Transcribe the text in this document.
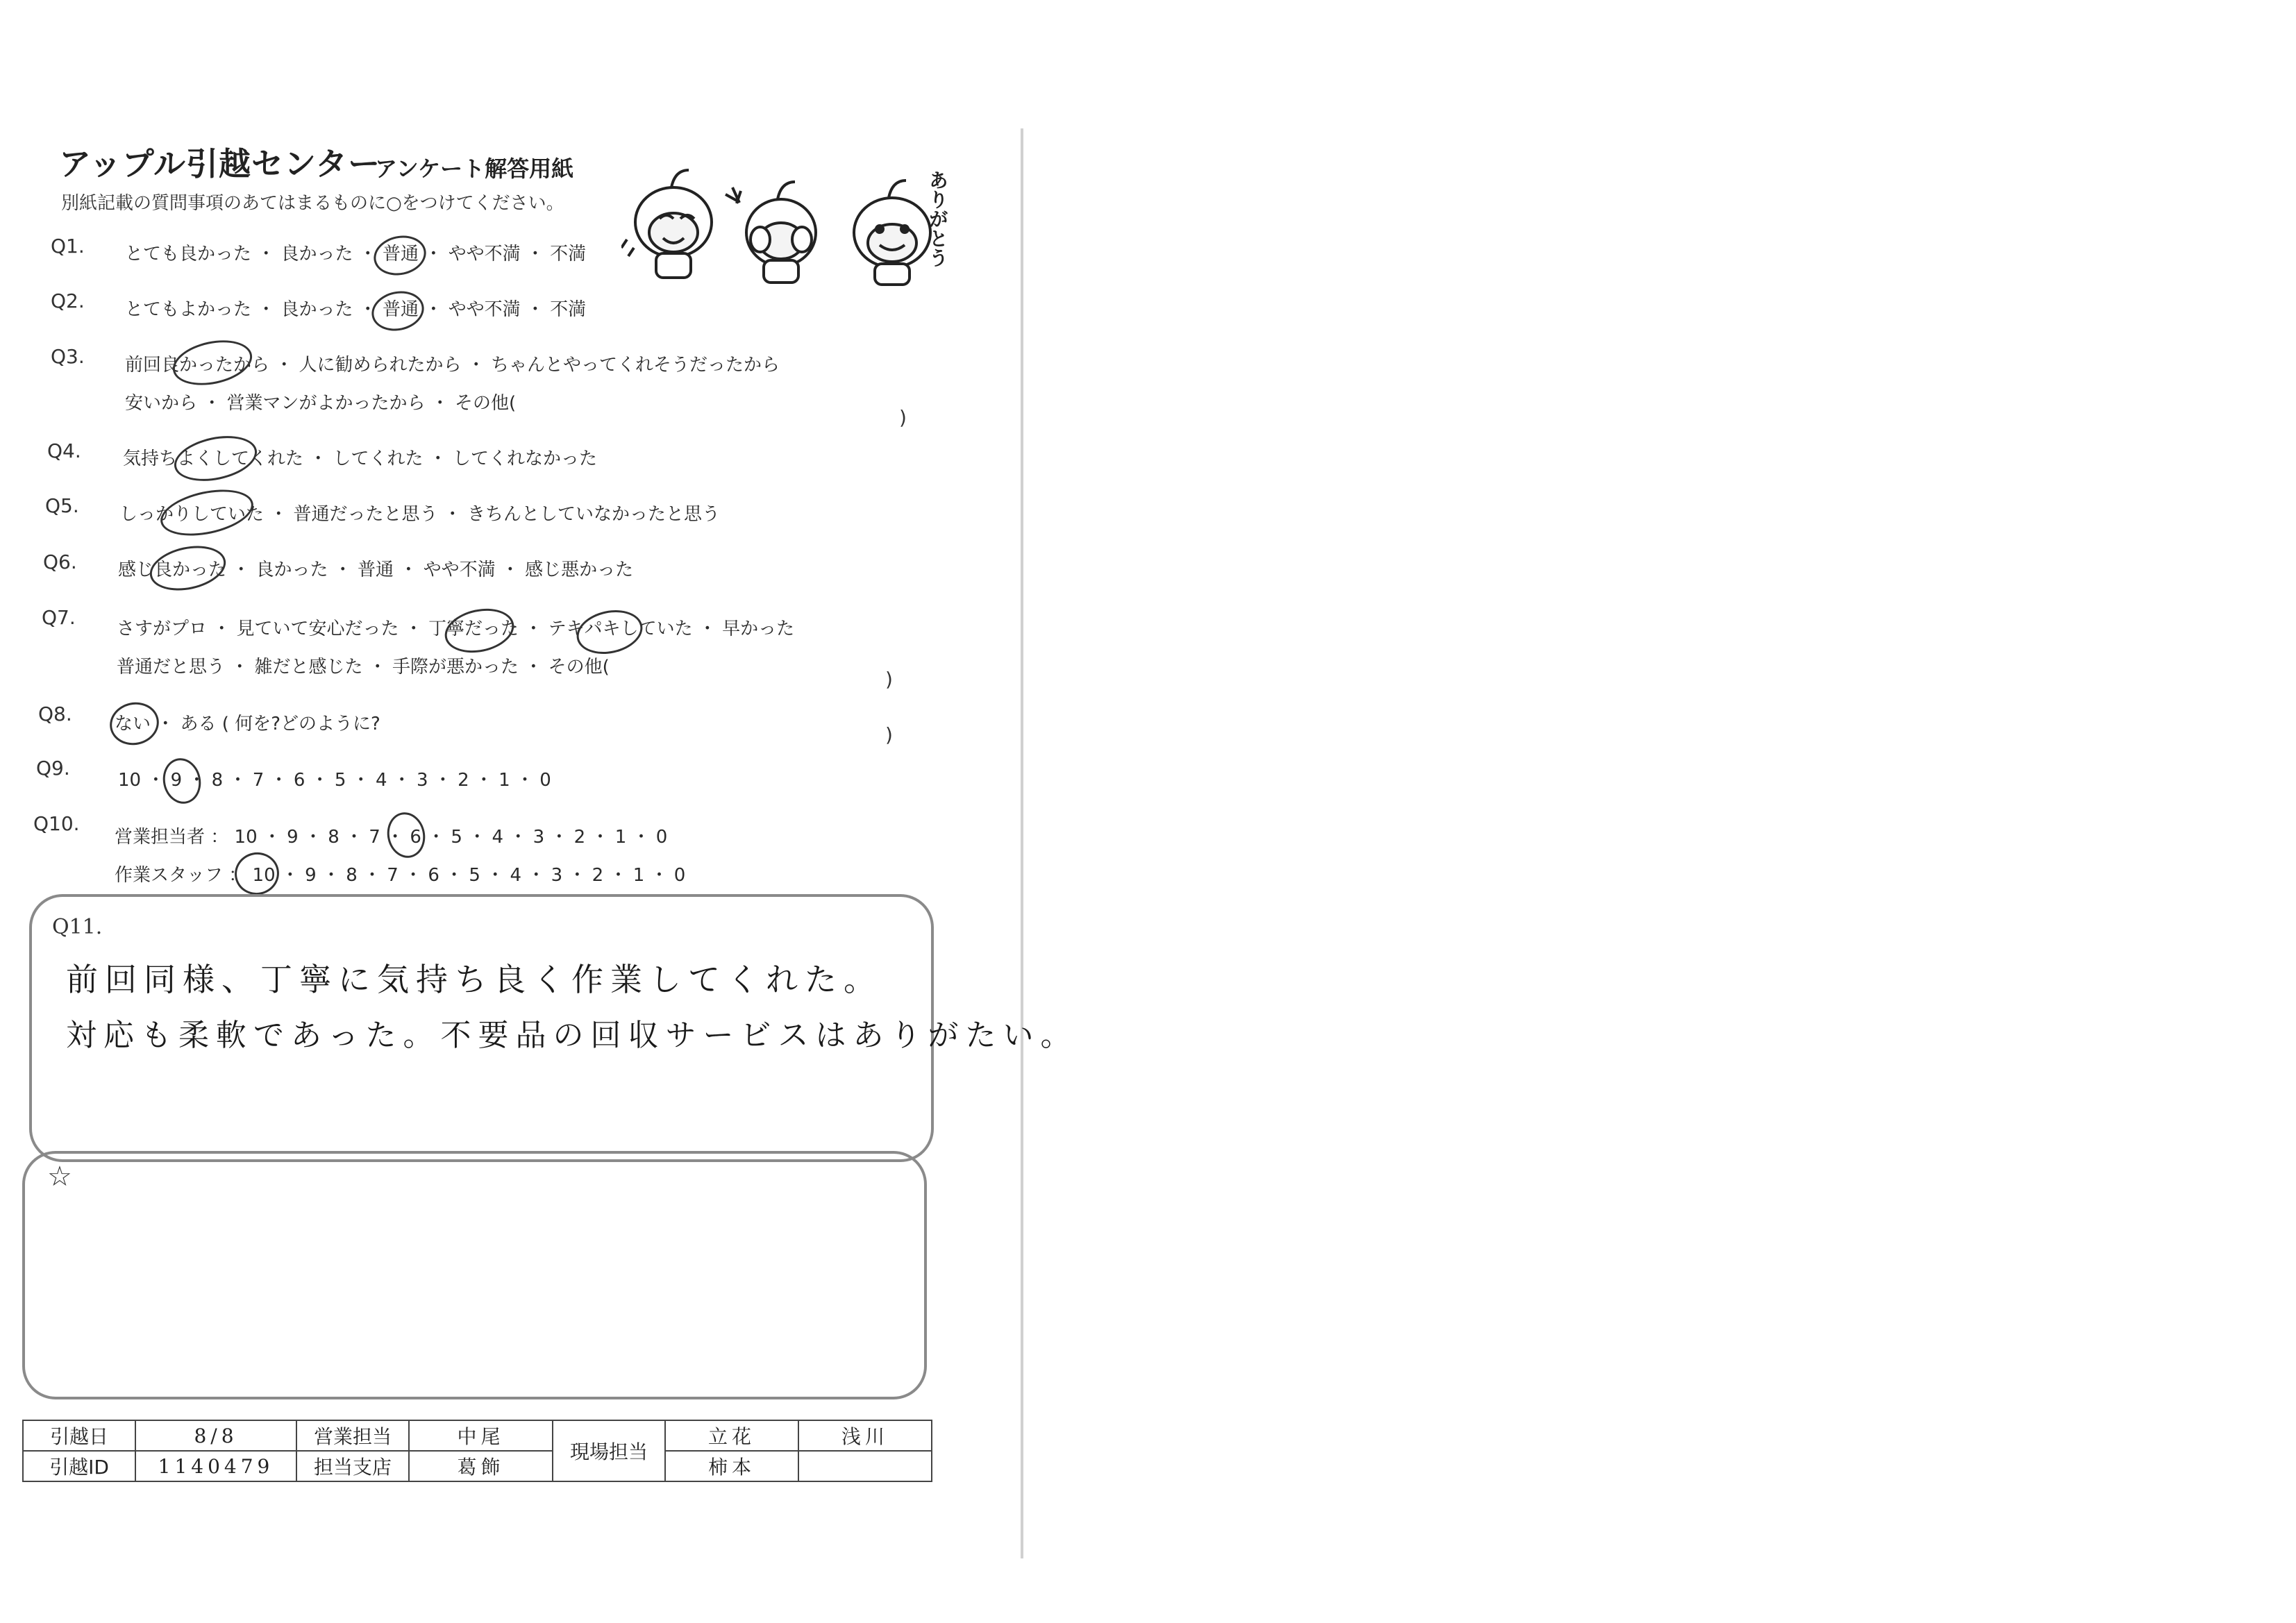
アップル引越センター
アンケート解答用紙
別紙記載の質問事項のあてはまるものに○をつけてください。	ありがとう
Q1. とても良かった ・ 良かった ・ 普通 ・ やや不満 ・ 不満
Q2. とてもよかった ・ 良かった ・ 普通 ・ やや不満 ・ 不満
Q3. 前回良かったから ・ 人に勧められたから ・ ちゃんとやってくれそうだったから
安いから ・ 営業マンがよかったから ・ その他(
)
Q4. 気持ちよくしてくれた ・ してくれた ・ してくれなかった
Q5. しっかりしていた ・ 普通だったと思う ・ きちんとしていなかったと思う
Q6. 感じ良かった ・ 良かった ・ 普通 ・ やや不満 ・ 感じ悪かった
Q7. さすがプロ ・ 見ていて安心だった ・ 丁寧だった ・ テキパキしていた ・ 早かった
普通だと思う ・ 雑だと感じた ・ 手際が悪かった ・ その他(
)
Q8. ない ・ ある ( 何を?どのように?	)
Q9.
10 ・ 9 ・ 8 ・ 7 ・ 6 ・ 5 ・ 4 ・ 3 ・ 2 ・ 1 ・ 0
Q10.
営業担当者 ： 10 ・ 9 ・ 8 ・ 7 ・ 6 ・ 5 ・ 4 ・ 3 ・ 2 ・ 1 ・ 0
作業スタッフ ： 10 ・ 9 ・ 8 ・ 7 ・ 6 ・ 5 ・ 4 ・ 3 ・ 2 ・ 1 ・ 0
Q11.
前回同様、丁寧に気持ち良く作業してくれた。
対応も柔軟であった。不要品の回収サービスはありがたい。
☆
引越日	8/8	営業担当	中尾	現場担当	立花	浅川
引越ID	1140479	担当支店	葛飾		柿本	
